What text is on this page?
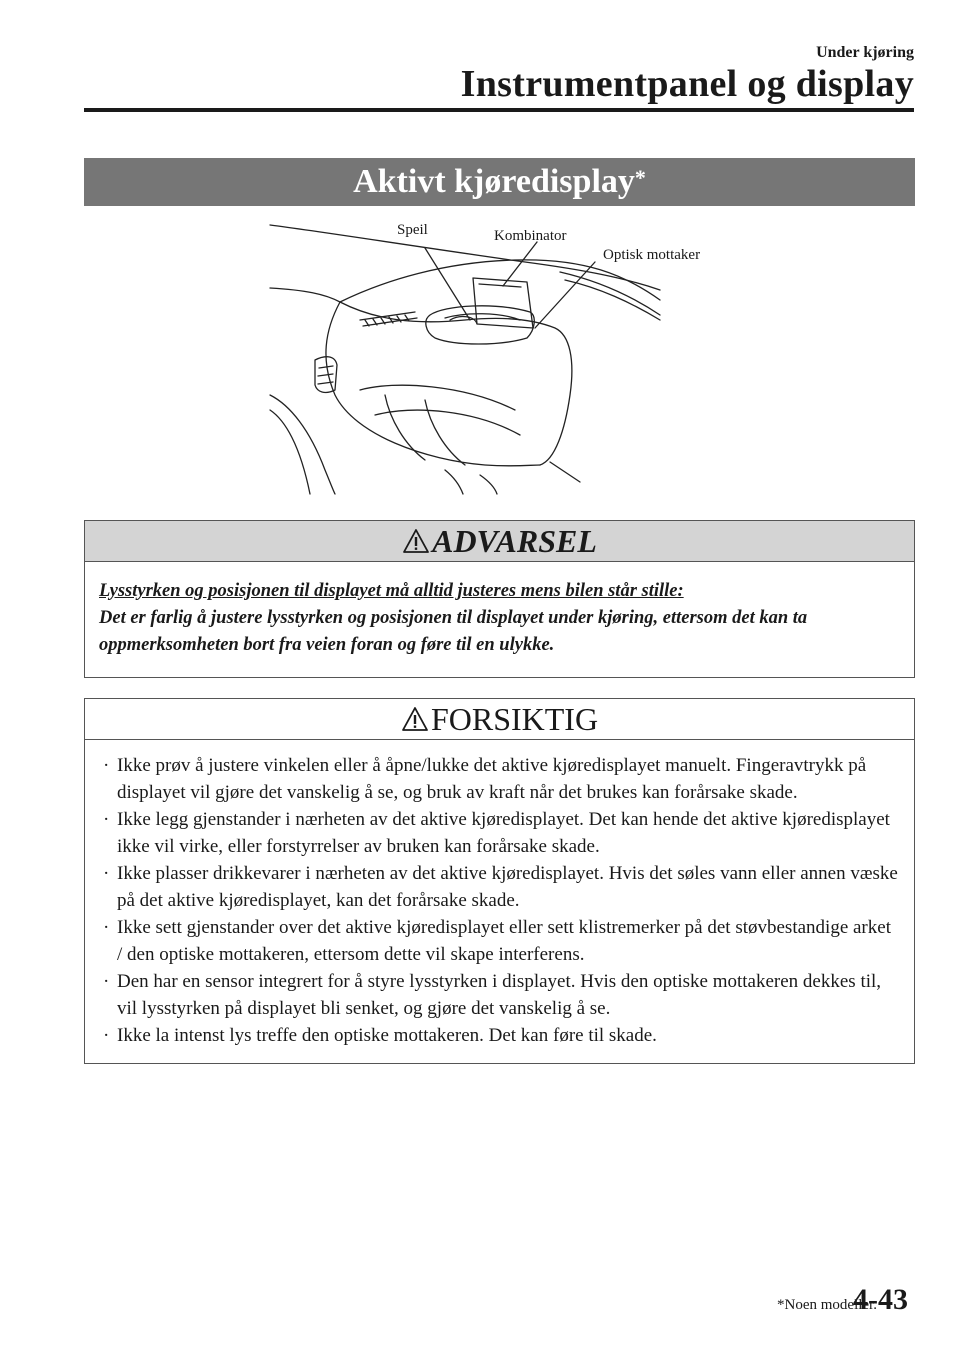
Under kjøring
Instrumentpanel og display
Aktivt kjøredisplay*
Speil	Kombinator
Optisk mottaker
ADVARSEL
Lysstyrken og posisjonen til displayet må alltid justeres mens bilen står stille:
Det er farlig å justere lysstyrken og posisjonen til displayet under kjøring, ettersom det kan ta oppmerksomheten bort fra veien foran og føre til en ulykke.
FORSIKTIG

· Ikke prøv å justere vinkelen eller å åpne/lukke det aktive kjøredisplayet manuelt. Fingeravtrykk på displayet vil gjøre det vanskelig å se, og bruk av kraft når det brukes kan forårsake skade.

· Ikke legg gjenstander i nærheten av det aktive kjøredisplayet. Det kan hende det aktive kjøredisplayet ikke vil virke, eller forstyrrelser av bruken kan forårsake skade.

· Ikke plasser drikkevarer i nærheten av det aktive kjøredisplayet. Hvis det søles vann eller annen væske på det aktive kjøredisplayet, kan det forårsake skade.

· Ikke sett gjenstander over det aktive kjøredisplayet eller sett klistremerker på det støvbestandige arket / den optiske mottakeren, ettersom dette vil skape interferens.

· Den har en sensor integrert for å styre lysstyrken i displayet. Hvis den optiske mottakeren dekkes til, vil lysstyrken på displayet bli senket, og gjøre det vanskelig å se.

· Ikke la intenst lys treffe den optiske mottakeren. Det kan føre til skade.

*Noen modeller.
4-43
